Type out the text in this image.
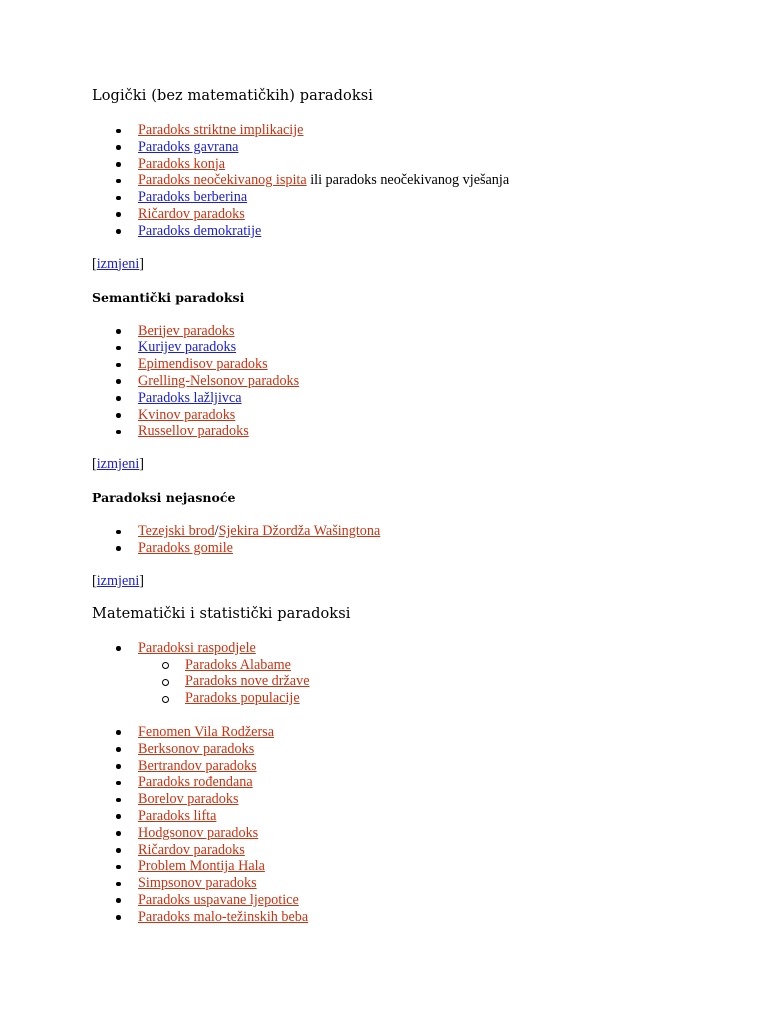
Logički (bez matematičkih) paradoksi
Paradoks striktne implikacije
Paradoks gavrana
Paradoks konja
Paradoks neočekivanog ispita ili paradoks neočekivanog vješanja
Paradoks berberina
Ričardov paradoks
Paradoks demokratije
[izmjeni]
Semantički paradoksi
Berijev paradoks
Kurijev paradoks
Epimendisov paradoks
Grelling-Nelsonov paradoks
Paradoks lažljivca
Kvinov paradoks
Russellov paradoks
[izmjeni]
Paradoksi nejasnoće
Tezejski brod/Sjekira Džordža Wašingtona
Paradoks gomile
[izmjeni]
Matematički i statistički paradoksi
Paradoksi raspodjele
Paradoks Alabame
Paradoks nove države
Paradoks populacije
Fenomen Vila Rodžersa
Berksonov paradoks
Bertrandov paradoks
Paradoks rođendana
Borelov paradoks
Paradoks lifta
Hodgsonov paradoks
Ričardov paradoks
Problem Montija Hala
Simpsonov paradoks
Paradoks uspavane ljepotice
Paradoks malo-težinskih beba
